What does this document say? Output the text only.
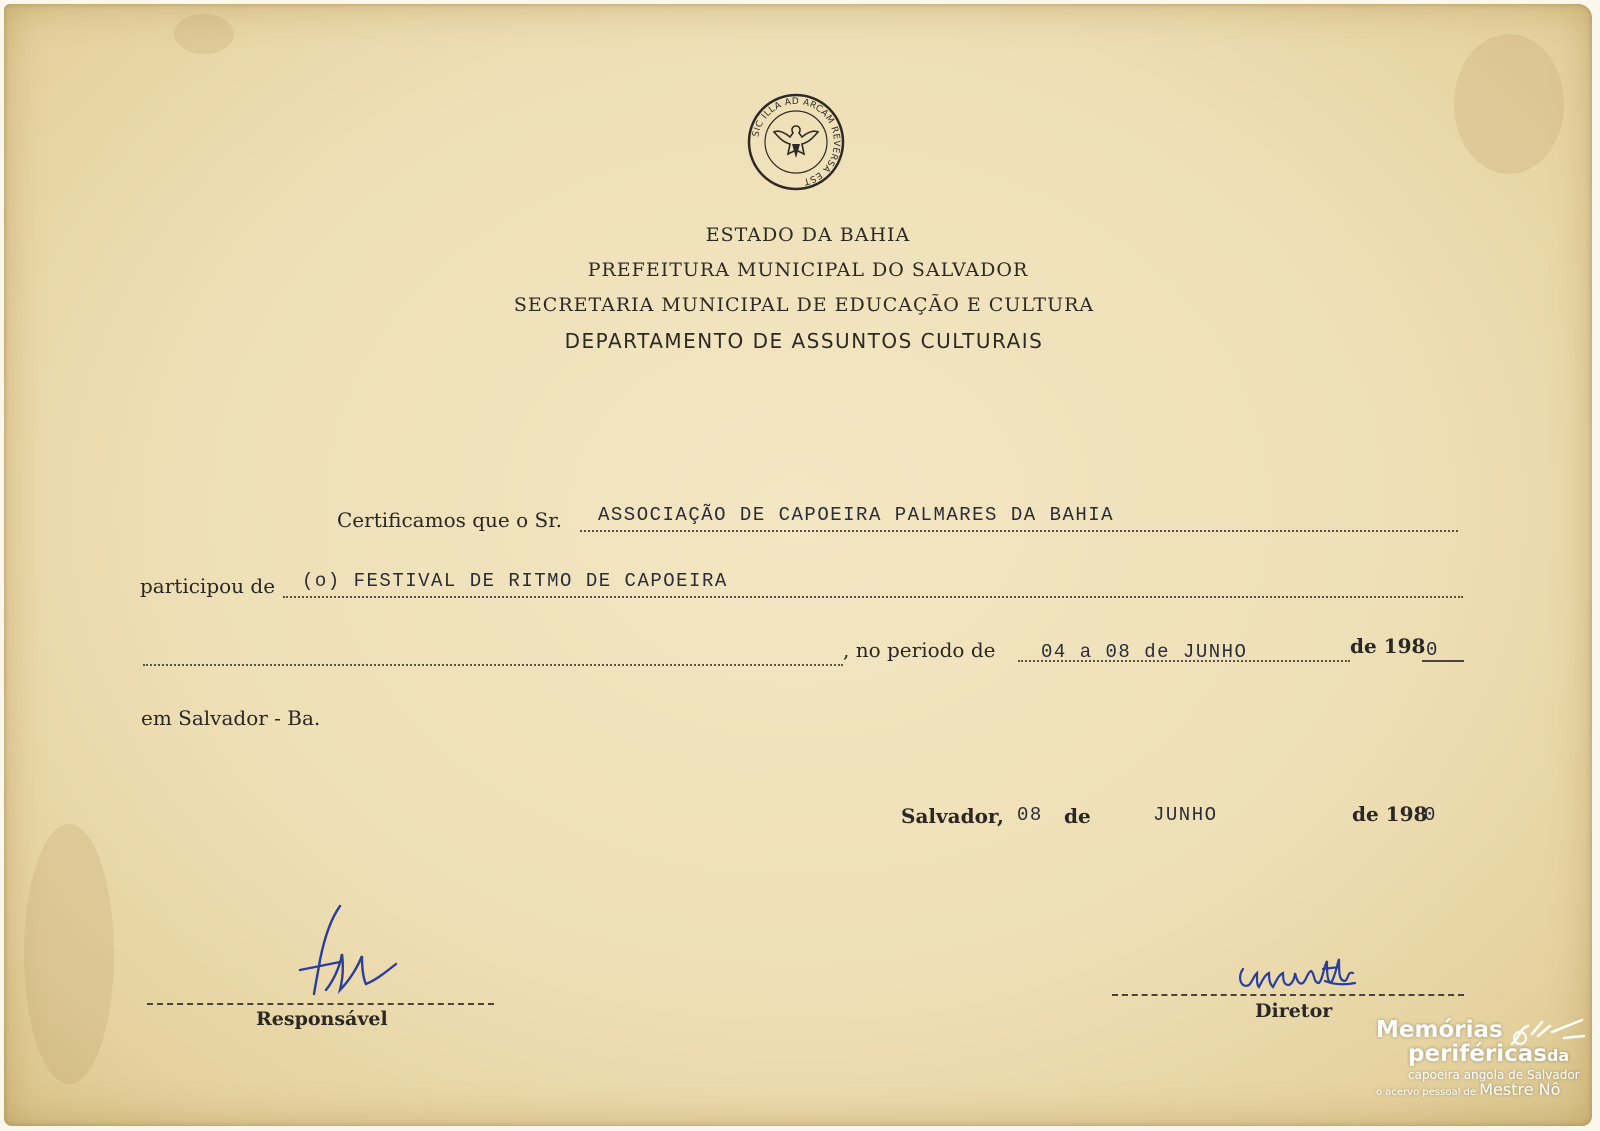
SIC ILLA AD ARCAM REVERSA EST
ESTADO DA BAHIA
PREFEITURA MUNICIPAL DO SALVADOR
SECRETARIA MUNICIPAL DE EDUCAÇÃO E CULTURA
DEPARTAMENTO DE ASSUNTOS CULTURAIS
Certificamos que o Sr. ASSOCIAÇÃO DE CAPOEIRA PALMARES DA BAHIA
participou de (o) FESTIVAL DE RITMO DE CAPOEIRA
, no periodo de 04 a 08 de JUNHO	de 198 0
em Salvador - Ba.
Salvador, 08 de	JUNHO	de 198
0
Responsável	Diretor
Memórias
periféricasda
capoeira angola de Salvador
o acervo pessoal de Mestre Nô
